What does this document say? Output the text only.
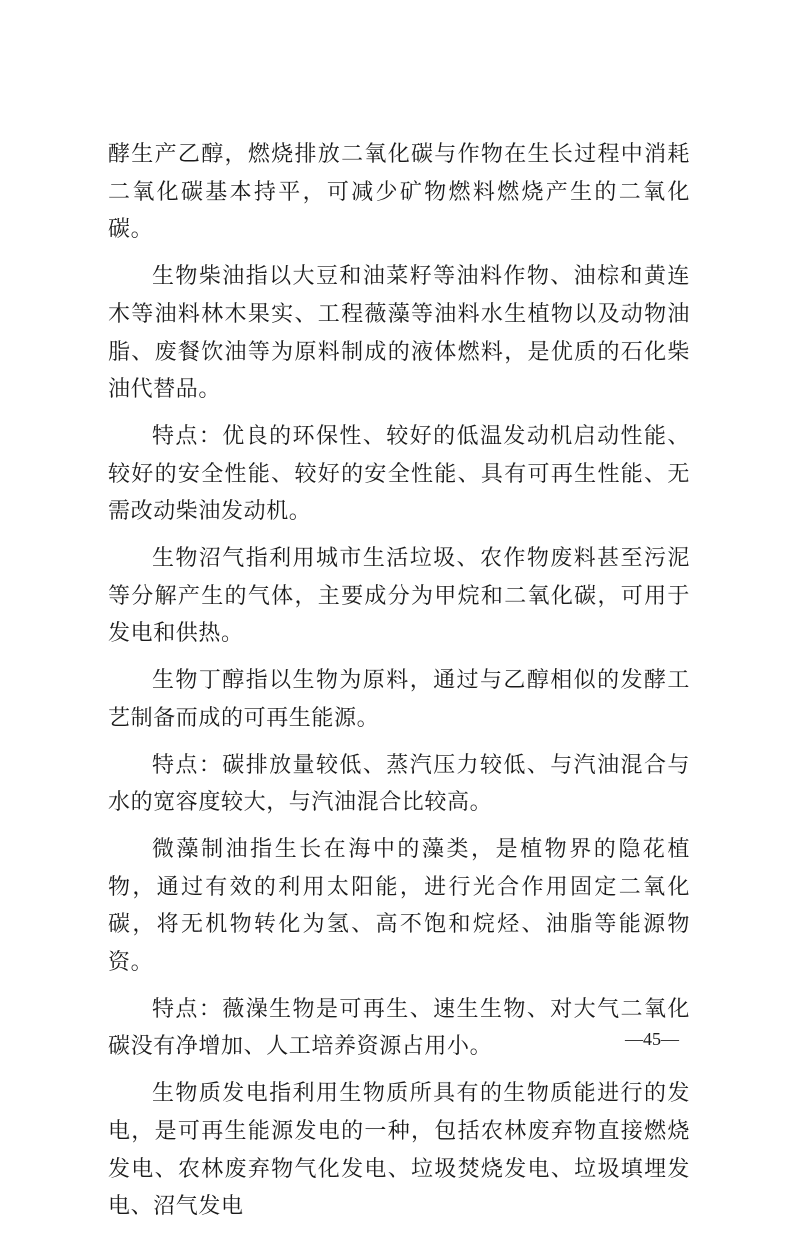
酵生产乙醇，燃烧排放二氧化碳与作物在生长过程中消耗二氧化碳基本持平，可减少矿物燃料燃烧产生的二氧化碳。

生物柴油指以大豆和油菜籽等油料作物、油棕和黄连木等油料林木果实、工程薇藻等油料水生植物以及动物油脂、废餐饮油等为原料制成的液体燃料，是优质的石化柴油代替品。

特点：优良的环保性、较好的低温发动机启动性能、较好的安全性能、较好的安全性能、具有可再生性能、无需改动柴油发动机。

生物沼气指利用城市生活垃圾、农作物废料甚至污泥等分解产生的气体，主要成分为甲烷和二氧化碳，可用于发电和供热。

生物丁醇指以生物为原料，通过与乙醇相似的发酵工艺制备而成的可再生能源。

特点：碳排放量较低、蒸汽压力较低、与汽油混合与水的宽容度较大，与汽油混合比较高。

微藻制油指生长在海中的藻类，是植物界的隐花植物，通过有效的利用太阳能，进行光合作用固定二氧化碳，将无机物转化为氢、高不饱和烷烃、油脂等能源物资。

特点：薇澡生物是可再生、速生生物、对大气二氧化碳没有净增加、人工培养资源占用小。

生物质发电指利用生物质所具有的生物质能进行的发电，是可再生能源发电的一种，包括农林废弃物直接燃烧发电、农林废弃物气化发电、垃圾焚烧发电、垃圾填埋发电、沼气发电

—45—
